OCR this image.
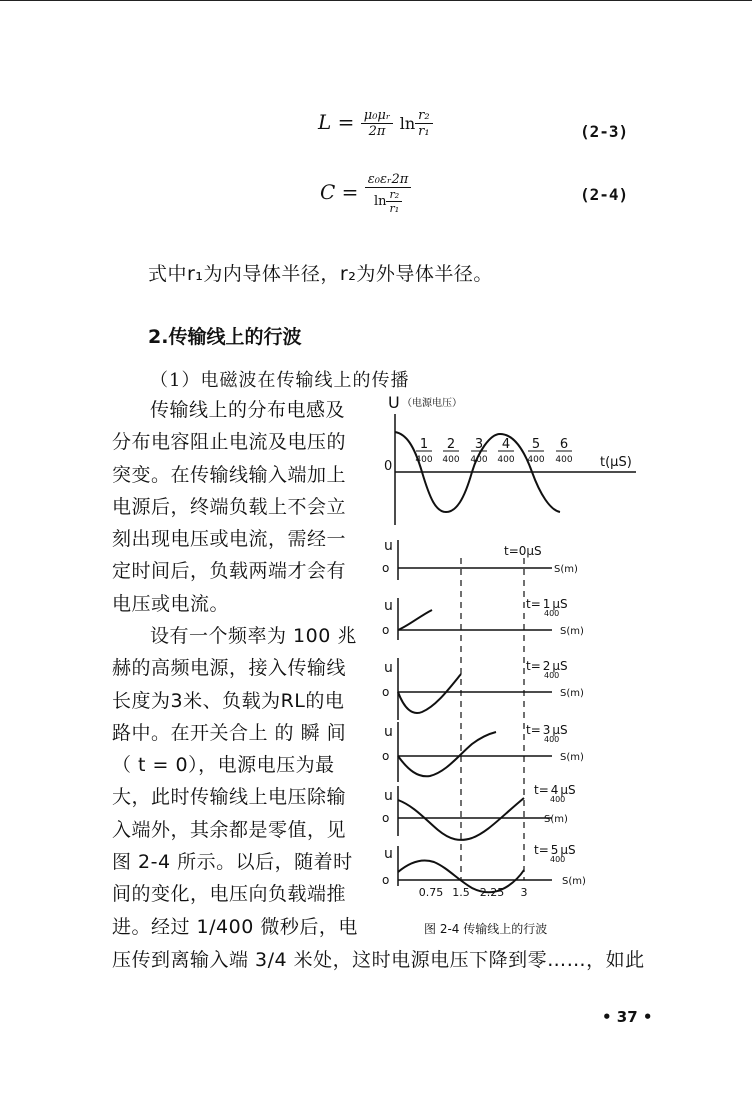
$L = \frac{\text{μ₀μᵣ}}{2\pi}$ $\ln \frac{\text{r₂}}{\text{r₁}}$	(2-3)
$C = \frac{\text{ε₀εᵣ2π}}{\ln \frac{\text{r₂}}{\text{r₁}}}$	(2-4)
式中r₁为内导体半径，r₂为外导体半径。
2.传输线上的行波
（1）电磁波在传输线上的传播
传输线上的分布电感及
分布电容阻止电流及电压的
突变。在传输线输入端加上
电源后，终端负载上不会立
刻出现电压或电流，需经一
定时间后，负载两端才会有
电压或电流。
设有一个频率为 100 兆
赫的高频电源，接入传输线
长度为3米、负载为RL的电
路中。在开关合上 的 瞬 间
（ t = 0），电源电压为最
大，此时传输线上电压除输
入端外，其余都是零值，见
图 2-4 所示。以后，随着时
间的变化，电压向负载端推
进。经过 1/400 微秒后，电
压传到离输入端 3/4 米处，这时电源电压下降到零……，如此
U （电源电压）
0
1
400
2
400
3
400
4
400
5
400
6
400 t(μS)
u
o
t=0μS
S(m)
u
o
t= 1 μS
400
S(m)
u
o
t= 2 μS
400
S(m)
u
o
t= 3 μS
400
S(m)
u
o
t= 4 μS
400
S(m)
u
o
t= 5 μS
400
S(m)
0.75 1.5 2.25 3
图 2-4 传输线上的行波
• 37 •
